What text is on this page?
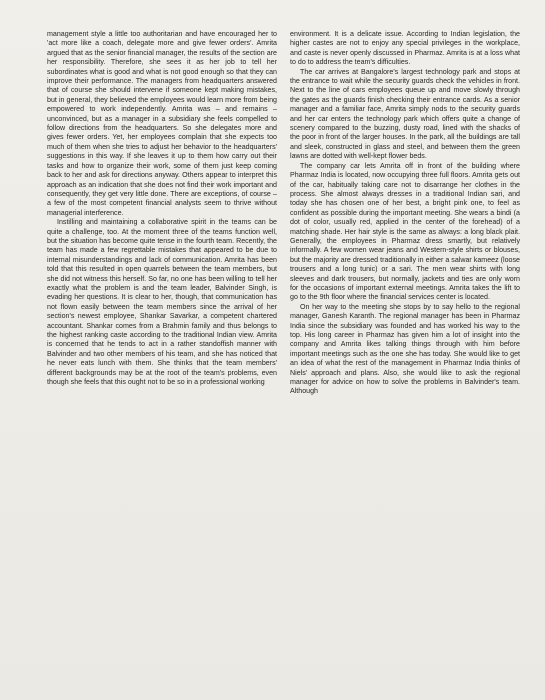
management style a little too authoritarian and have encouraged her to 'act more like a coach, delegate more and give fewer orders'. Amrita argued that as the senior financial manager, the results of the section are her responsibility. Therefore, she sees it as her job to tell her subordinates what is good and what is not good enough so that they can improve their performance. The managers from headquarters answered that of course she should intervene if someone kept making mistakes, but in general, they believed the employees would learn more from being empowered to work independently. Amrita was – and remains – unconvinced, but as a manager in a subsidiary she feels compelled to follow directions from the headquarters. So she delegates more and gives fewer orders. Yet, her employees complain that she expects too much of them when she tries to adjust her behavior to the headquarters' suggestions in this way. If she leaves it up to them how carry out their tasks and how to organize their work, some of them just keep coming back to her and ask for directions anyway. Others appear to interpret this approach as an indication that she does not find their work important and consequently, they get very little done. There are exceptions, of course – a few of the most competent financial analysts seem to thrive without managerial interference.

Instilling and maintaining a collaborative spirit in the teams can be quite a challenge, too. At the moment three of the teams function well, but the situation has become quite tense in the fourth team. Recently, the team has made a few regrettable mistakes that appeared to be due to internal misunderstandings and lack of communication. Amrita has been told that this resulted in open quarrels between the team members, but she did not witness this herself. So far, no one has been willing to tell her exactly what the problem is and the team leader, Balvinder Singh, is evading her questions. It is clear to her, though, that communication has not flown easily between the team members since the arrival of her section's newest employee, Shankar Savarkar, a competent chartered accountant. Shankar comes from a Brahmin family and thus belongs to the highest ranking caste according to the traditional Indian view. Amrita is concerned that he tends to act in a rather standoffish manner with Balvinder and two other members of his team, and she has noticed that he never eats lunch with them. She thinks that the team members' different backgrounds may be at the root of the team's problems, even though she feels that this ought not to be so in a professional working

environment. It is a delicate issue. According to Indian legislation, the higher castes are not to enjoy any special privileges in the workplace, and caste is never openly discussed in Pharmaz. Amrita is at a loss what to do to address the team's difficulties.

The car arrives at Bangalore's largest technology park and stops at the entrance to wait while the security guards check the vehicles in front. Next to the line of cars employees queue up and move slowly through the gates as the guards finish checking their entrance cards. As a senior manager and a familiar face, Amrita simply nods to the security guards and her car enters the technology park which offers quite a change of scenery compared to the buzzing, dusty road, lined with the shacks of the poor in front of the larger houses. In the park, all the buildings are tall and sleek, constructed in glass and steel, and between them the green lawns are dotted with well-kept flower beds.

The company car lets Amrita off in front of the building where Pharmaz India is located, now occupying three full floors. Amrita gets out of the car, habitually taking care not to disarrange her clothes in the process. She almost always dresses in a traditional Indian sari, and today she has chosen one of her best, a bright pink one, to feel as confident as possible during the important meeting. She wears a bindi (a dot of color, usually red, applied in the center of the forehead) of a matching shade. Her hair style is the same as always: a long black plait. Generally, the employees in Pharmaz dress smartly, but relatively informally. A few women wear jeans and Western-style shirts or blouses, but the majority are dressed traditionally in either a salwar kameez (loose trousers and a long tunic) or a sari. The men wear shirts with long sleeves and dark trousers, but normally, jackets and ties are only worn for the occasions of important external meetings. Amrita takes the lift to go to the 9th floor where the financial services center is located.

On her way to the meeting she stops by to say hello to the regional manager, Ganesh Karanth. The regional manager has been in Pharmaz India since the subsidiary was founded and has worked his way to the top. His long career in Pharmaz has given him a lot of insight into the company and Amrita likes talking things through with him before important meetings such as the one she has today. She would like to get an idea of what the rest of the management in Pharmaz India thinks of Niels' approach and plans. Also, she would like to ask the regional manager for advice on how to solve the problems in Balvinder's team. Although
